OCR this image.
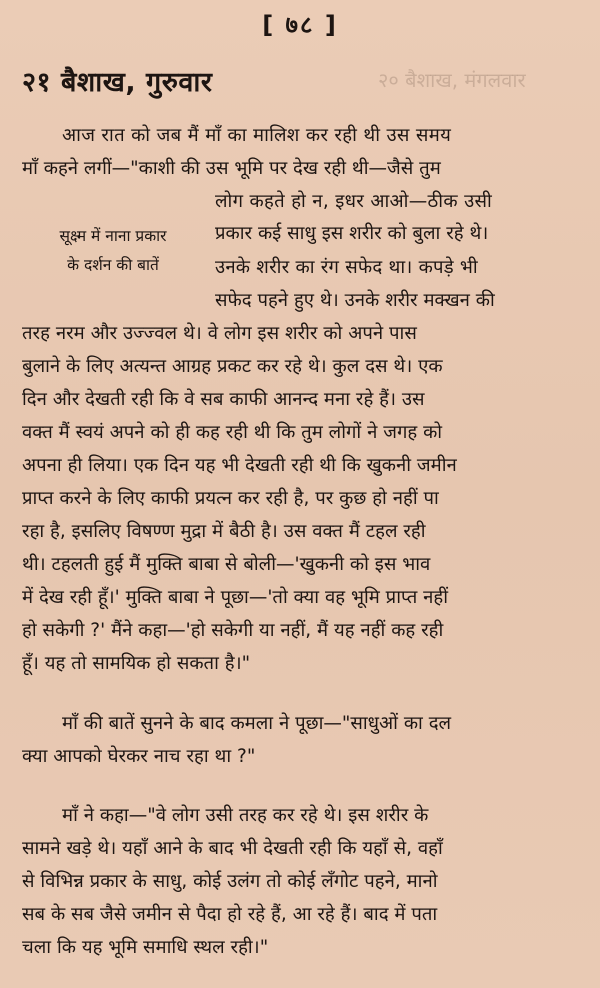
[ ७८ ]
२१ बैशाख, गुरुवार	२० बैशाख, मंगलवार
सूक्ष्म में नाना प्रकार
के दर्शन की बातें
आज रात को जब मैं माँ का मालिश कर रही थी उस समय
माँ कहने लगीं—"काशी की उस भूमि पर देख रही थी—जैसे तुम
लोग कहते हो न, इधर आओ—ठीक उसी
प्रकार कई साधु इस शरीर को बुला रहे थे।
उनके शरीर का रंग सफेद था। कपड़े भी
सफेद पहने हुए थे। उनके शरीर मक्खन की
तरह नरम और उज्ज्वल थे। वे लोग इस शरीर को अपने पास
बुलाने के लिए अत्यन्त आग्रह प्रकट कर रहे थे। कुल दस थे। एक
दिन और देखती रही कि वे सब काफी आनन्द मना रहे हैं। उस
वक्त मैं स्वयं अपने को ही कह रही थी कि तुम लोगों ने जगह को
अपना ही लिया। एक दिन यह भी देखती रही थी कि खुकनी जमीन
प्राप्त करने के लिए काफी प्रयत्न कर रही है, पर कुछ हो नहीं पा
रहा है, इसलिए विषण्ण मुद्रा में बैठी है। उस वक्त मैं टहल रही
थी। टहलती हुई मैं मुक्ति बाबा से बोली—'खुकनी को इस भाव
में देख रही हूँ।' मुक्ति बाबा ने पूछा—'तो क्या वह भूमि प्राप्त नहीं
हो सकेगी ?' मैंने कहा—'हो सकेगी या नहीं, मैं यह नहीं कह रही
हूँ। यह तो सामयिक हो सकता है।"
माँ की बातें सुनने के बाद कमला ने पूछा—"साधुओं का दल
क्या आपको घेरकर नाच रहा था ?"
माँ ने कहा—"वे लोग उसी तरह कर रहे थे। इस शरीर के
सामने खड़े थे। यहाँ आने के बाद भी देखती रही कि यहाँ से, वहाँ
से विभिन्न प्रकार के साधु, कोई उलंग तो कोई लँगोट पहने, मानो
सब के सब जैसे जमीन से पैदा हो रहे हैं, आ रहे हैं। बाद में पता
चला कि यह भूमि समाधि स्थल रही।"
